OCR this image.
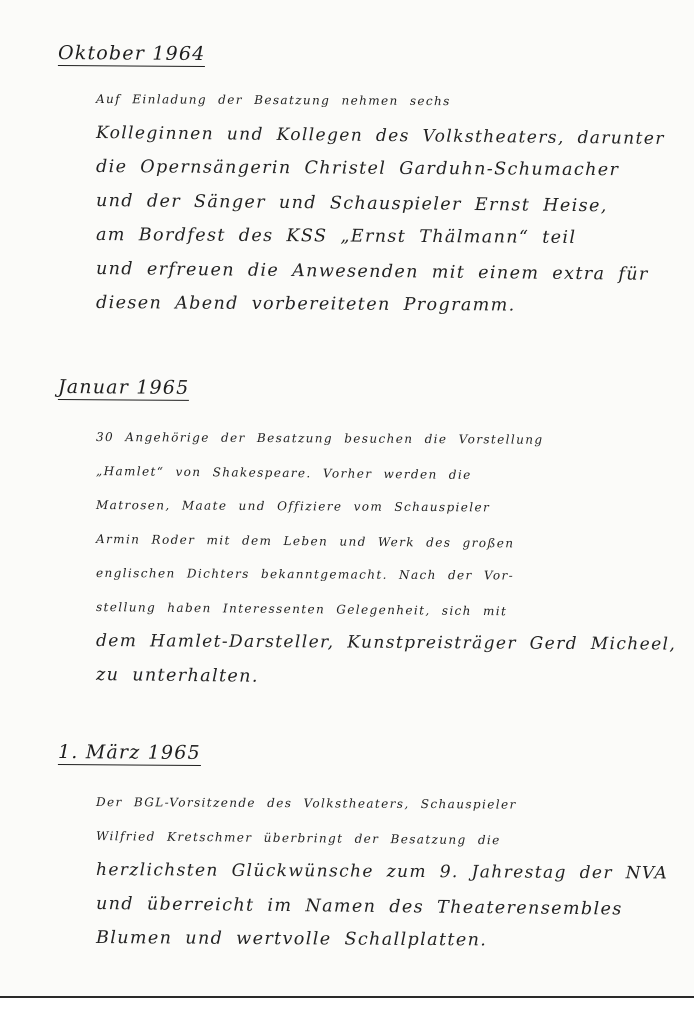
Oktober 1964
Auf Einladung der Besatzung nehmen sechs
Kolleginnen und Kollegen des Volkstheaters, darunter
die Opernsängerin Christel Garduhn-Schumacher
und der Sänger und Schauspieler Ernst Heise,
am Bordfest des KSS „Ernst Thälmann“ teil
und erfreuen die Anwesenden mit einem extra für
diesen Abend vorbereiteten Programm.
Januar 1965
30 Angehörige der Besatzung besuchen die Vorstellung
„Hamlet“ von Shakespeare. Vorher werden die
Matrosen, Maate und Offiziere vom Schauspieler
Armin Roder mit dem Leben und Werk des großen
englischen Dichters bekanntgemacht. Nach der Vor-
stellung haben Interessenten Gelegenheit, sich mit
dem Hamlet-Darsteller, Kunstpreisträger Gerd Micheel,
zu unterhalten.
1. März 1965
Der BGL-Vorsitzende des Volkstheaters, Schauspieler
Wilfried Kretschmer überbringt der Besatzung die
herzlichsten Glückwünsche zum 9. Jahrestag der NVA
und überreicht im Namen des Theaterensembles
Blumen und wertvolle Schallplatten.
